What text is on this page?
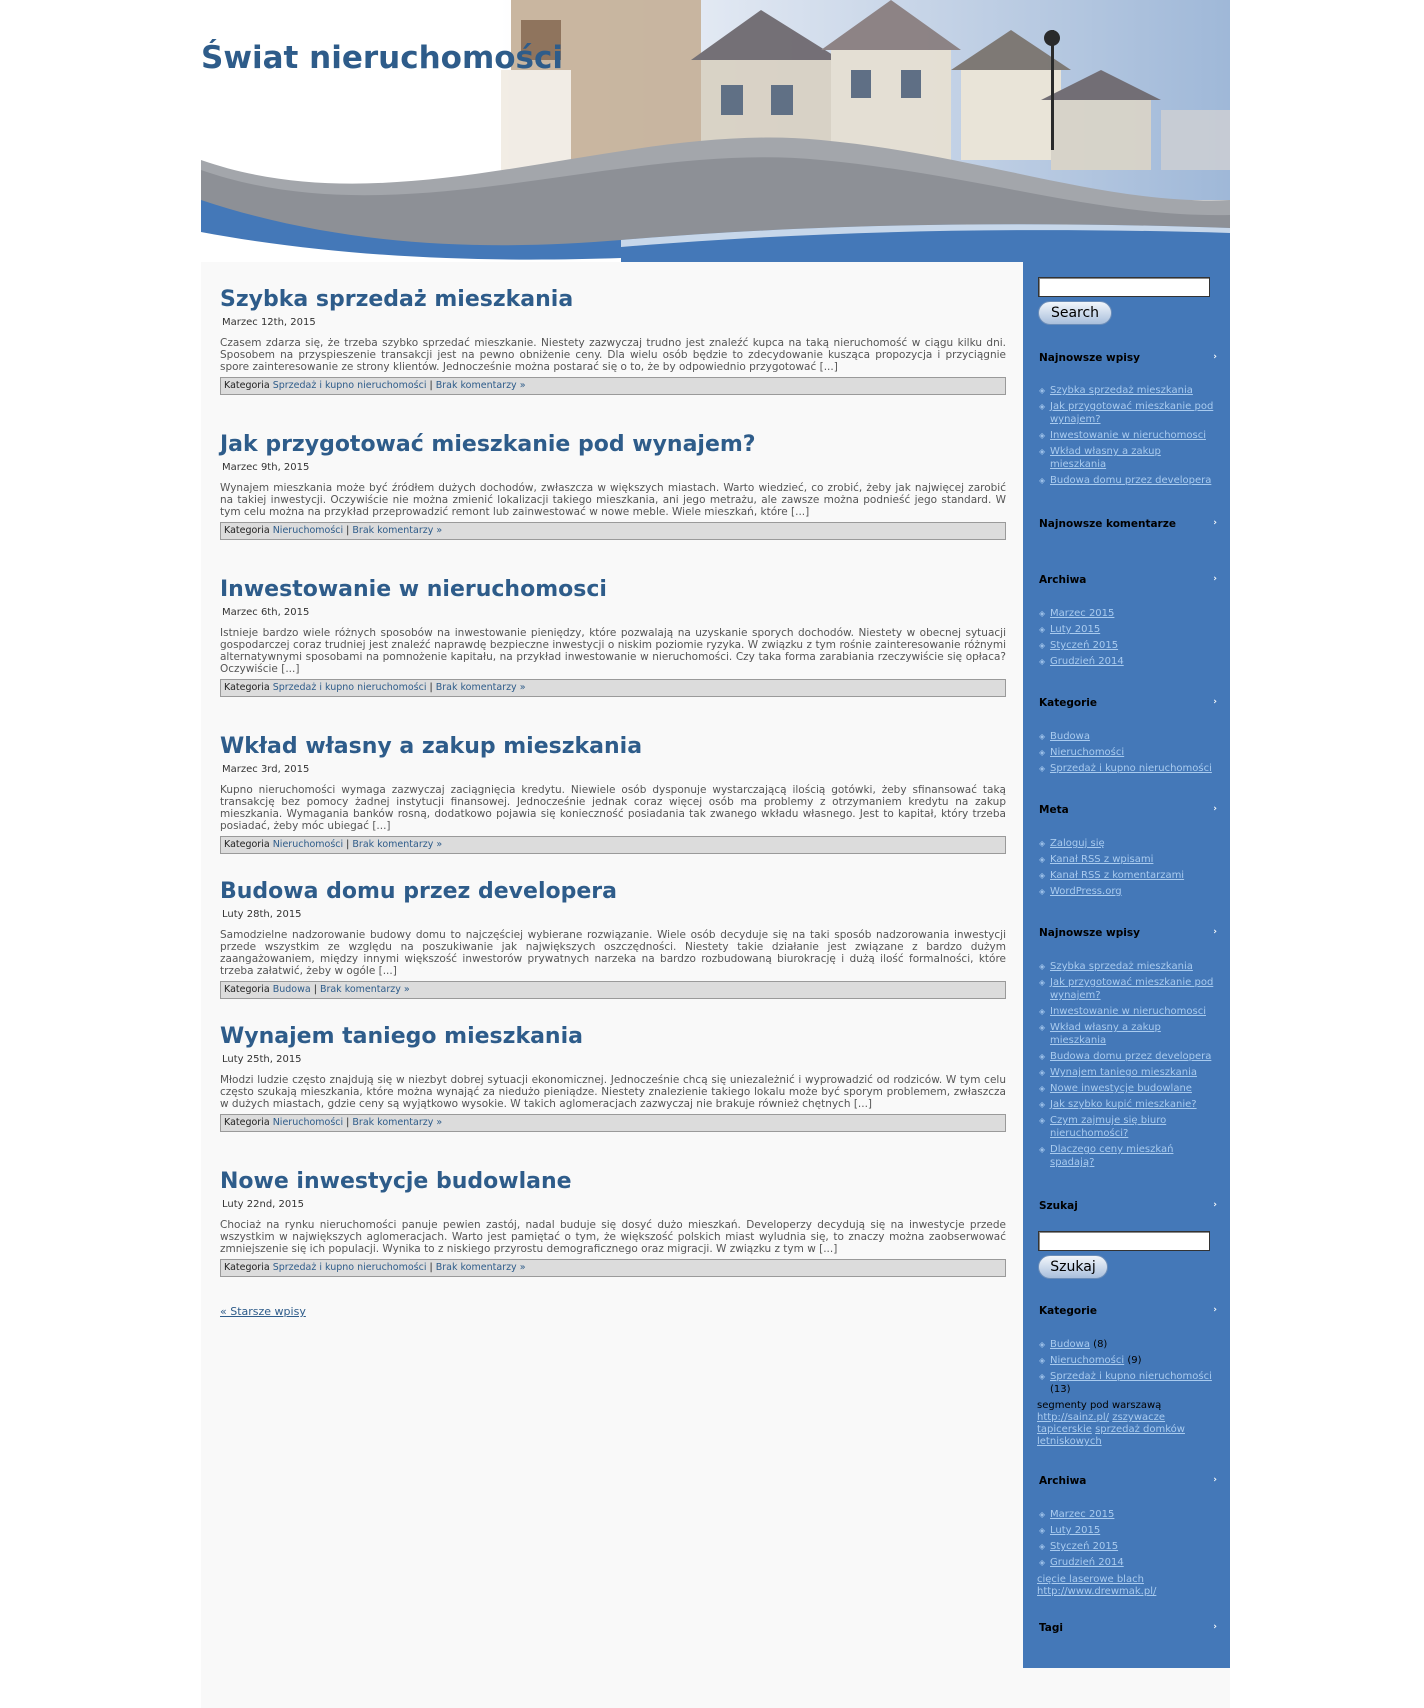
Świat nieruchomości
Szybka sprzedaż mieszkania
Marzec 12th, 2015
Czasem zdarza się, że trzeba szybko sprzedać mieszkanie. Niestety zazwyczaj trudno jest znaleźć kupca na taką nieruchomość w ciągu kilku dni. Sposobem na przyspieszenie transakcji jest na pewno obniżenie ceny. Dla wielu osób będzie to zdecydowanie kusząca propozycja i przyciągnie spore zainteresowanie ze strony klientów. Jednocześnie można postarać się o to, że by odpowiednio przygotować [...]
Kategoria Sprzedaż i kupno nieruchomości | Brak komentarzy »
Jak przygotować mieszkanie pod wynajem?
Marzec 9th, 2015
Wynajem mieszkania może być źródłem dużych dochodów, zwłaszcza w większych miastach. Warto wiedzieć, co zrobić, żeby jak najwięcej zarobić na takiej inwestycji. Oczywiście nie można zmienić lokalizacji takiego mieszkania, ani jego metrażu, ale zawsze można podnieść jego standard. W tym celu można na przykład przeprowadzić remont lub zainwestować w nowe meble. Wiele mieszkań, które [...]
Kategoria Nieruchomości | Brak komentarzy »
Inwestowanie w nieruchomosci
Marzec 6th, 2015
Istnieje bardzo wiele różnych sposobów na inwestowanie pieniędzy, które pozwalają na uzyskanie sporych dochodów. Niestety w obecnej sytuacji gospodarczej coraz trudniej jest znaleźć naprawdę bezpieczne inwestycji o niskim poziomie ryzyka. W związku z tym rośnie zainteresowanie różnymi alternatywnymi sposobami na pomnożenie kapitału, na przykład inwestowanie w nieruchomości. Czy taka forma zarabiania rzeczywiście się opłaca? Oczywiście [...]
Kategoria Sprzedaż i kupno nieruchomości | Brak komentarzy »
Wkład własny a zakup mieszkania
Marzec 3rd, 2015
Kupno nieruchomości wymaga zazwyczaj zaciągnięcia kredytu. Niewiele osób dysponuje wystarczającą ilością gotówki, żeby sfinansować taką transakcję bez pomocy żadnej instytucji finansowej. Jednocześnie jednak coraz więcej osób ma problemy z otrzymaniem kredytu na zakup mieszkania. Wymagania banków rosną, dodatkowo pojawia się konieczność posiadania tak zwanego wkładu własnego. Jest to kapitał, który trzeba posiadać, żeby móc ubiegać [...]
Kategoria Nieruchomości | Brak komentarzy »
Budowa domu przez developera
Luty 28th, 2015
Samodzielne nadzorowanie budowy domu to najczęściej wybierane rozwiązanie. Wiele osób decyduje się na taki sposób nadzorowania inwestycji przede wszystkim ze względu na poszukiwanie jak największych oszczędności. Niestety takie działanie jest związane z bardzo dużym zaangażowaniem, między innymi większość inwestorów prywatnych narzeka na bardzo rozbudowaną biurokrację i dużą ilość formalności, które trzeba załatwić, żeby w ogóle [...]
Kategoria Budowa | Brak komentarzy »
Wynajem taniego mieszkania
Luty 25th, 2015
Młodzi ludzie często znajdują się w niezbyt dobrej sytuacji ekonomicznej. Jednocześnie chcą się uniezależnić i wyprowadzić od rodziców. W tym celu często szukają mieszkania, które można wynająć za niedużo pieniądze. Niestety znalezienie takiego lokalu może być sporym problemem, zwłaszcza w dużych miastach, gdzie ceny są wyjątkowo wysokie. W takich aglomeracjach zazwyczaj nie brakuje również chętnych [...]
Kategoria Nieruchomości | Brak komentarzy »
Nowe inwestycje budowlane
Luty 22nd, 2015
Chociaż na rynku nieruchomości panuje pewien zastój, nadal buduje się dosyć dużo mieszkań. Developerzy decydują się na inwestycje przede wszystkim w największych aglomeracjach. Warto jest pamiętać o tym, że większość polskich miast wyludnia się, to znaczy można zaobserwować zmniejszenie się ich populacji. Wynika to z niskiego przyrostu demograficznego oraz migracji. W związku z tym w [...]
Kategoria Sprzedaż i kupno nieruchomości | Brak komentarzy »
« Starsze wpisy
Search
Najnowsze wpisy	›
◈ Szybka sprzedaż mieszkania
◈ Jak przygotować mieszkanie pod wynajem?
◈ Inwestowanie w nieruchomosci
◈ Wkład własny a zakup mieszkania
◈ Budowa domu przez developera
Najnowsze komentarze	›
Archiwa	›
◈ Marzec 2015
◈ Luty 2015
◈ Styczeń 2015
◈ Grudzień 2014
Kategorie	›
◈ Budowa
◈ Nieruchomości
◈ Sprzedaż i kupno nieruchomości
Meta	›
◈ Zaloguj się
◈ Kanał RSS z wpisami
◈ Kanał RSS z komentarzami
◈ WordPress.org
Najnowsze wpisy	›
◈ Szybka sprzedaż mieszkania
◈ Jak przygotować mieszkanie pod wynajem?
◈ Inwestowanie w nieruchomosci
◈ Wkład własny a zakup mieszkania
◈ Budowa domu przez developera
◈ Wynajem taniego mieszkania
◈ Nowe inwestycje budowlane
◈ Jak szybko kupić mieszkanie?
◈ Czym zajmuje się biuro nieruchomości?
◈ Dlaczego ceny mieszkań spadają?
Szukaj	›
Szukaj
Kategorie	›
◈ Budowa (8)
◈ Nieruchomości (9)
◈ Sprzedaż i kupno nieruchomości (13)
segmenty pod warszawą
http://sainz.pl/ zszywacze tapicerskie sprzedaż domków letniskowych
Archiwa	›
◈ Marzec 2015
◈ Luty 2015
◈ Styczeń 2015
◈ Grudzień 2014
cięcie laserowe blach
http://www.drewmak.pl/
Tagi	›
